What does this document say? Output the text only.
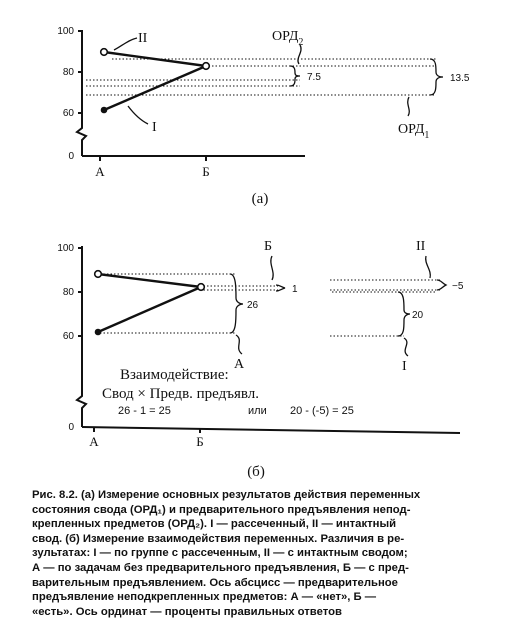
100
80
60
0
А	Б
II
I
$ОРД_2$
7.5	13.5
$ОРД_1$
(а)
100
80
60
0
А	Б
Б
1
26
А
II
−5
20
I
Взаимодействие:
Свод × Предв. предъявл.
26 - 1 = 25	или 20 - (-5) = 25
(б)
Рис. 8.2. (а) Измерение основных результатов действия переменных
состояния свода (ОРД₁) и предварительного предъявления непод-
крепленных предметов (ОРД₂). I — рассеченный, II — интактный
свод. (б) Измерение взаимодействия переменных. Различия в ре-
зультатах: I — по группе с рассеченным, II — с интактным сводом;
А — по задачам без предварительного предъявления, Б — с пред-
варительным предъявлением. Ось абсцисс — предварительное
предъявление неподкрепленных предметов: А — «нет», Б —
«есть». Ось ординат — проценты правильных ответов
